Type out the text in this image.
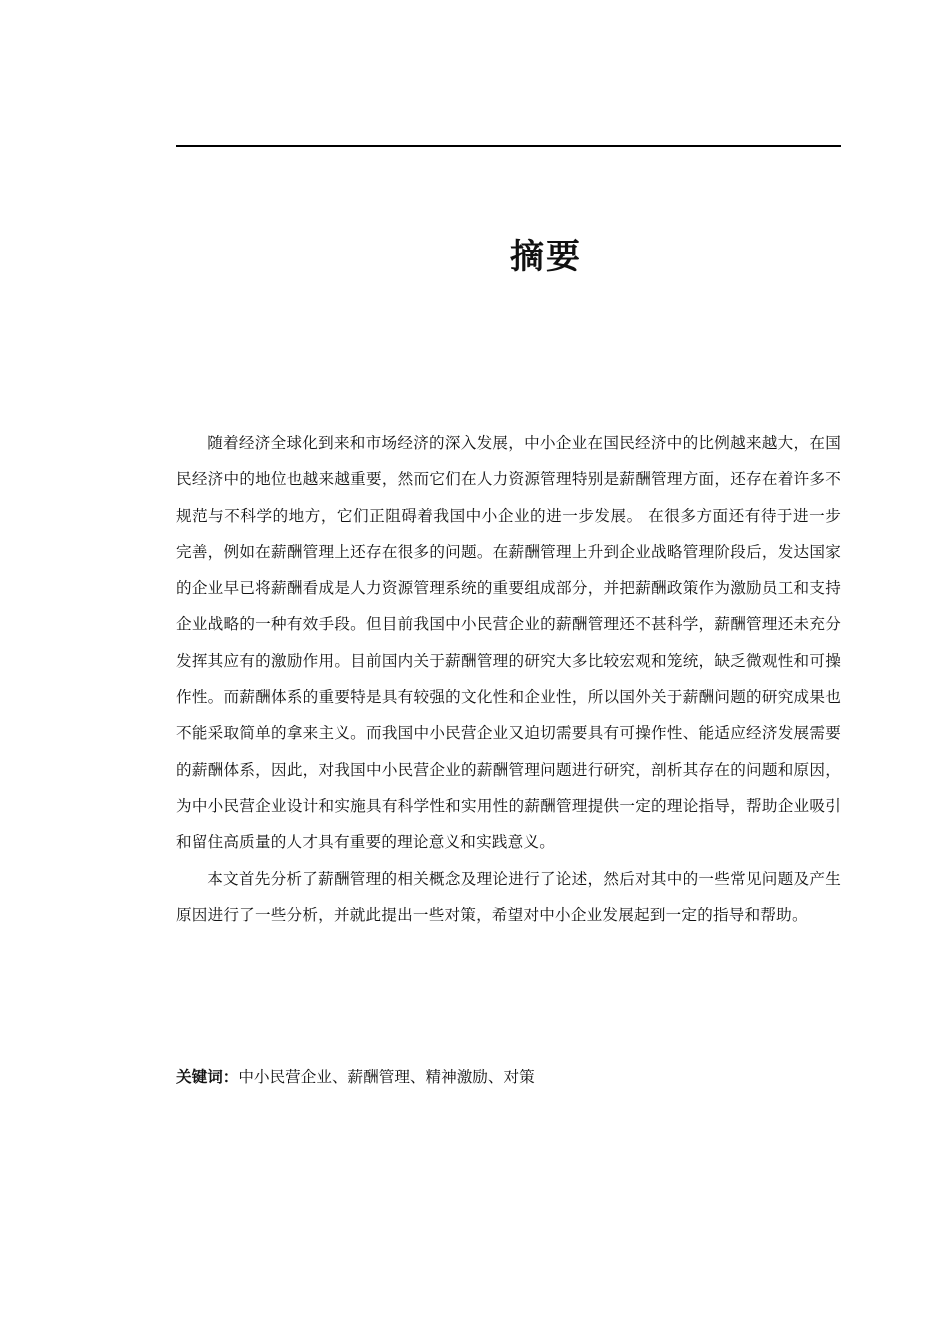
摘要

随着经济全球化到来和市场经济的深入发展，中小企业在国民经济中的比例越来越大，在国民经济中的地位也越来越重要，然而它们在人力资源管理特别是薪酬管理方面，还存在着许多不规范与不科学的地方，它们正阻碍着我国中小企业的进一步发展。 在很多方面还有待于进一步完善，例如在薪酬管理上还存在很多的问题。在薪酬管理上升到企业战略管理阶段后，发达国家的企业早已将薪酬看成是人力资源管理系统的重要组成部分，并把薪酬政策作为激励员工和支持企业战略的一种有效手段。但目前我国中小民营企业的薪酬管理还不甚科学，薪酬管理还未充分发挥其应有的激励作用。目前国内关于薪酬管理的研究大多比较宏观和笼统，缺乏微观性和可操作性。而薪酬体系的重要特是具有较强的文化性和企业性，所以国外关于薪酬问题的研究成果也不能采取简单的拿来主义。而我国中小民营企业又迫切需要具有可操作性、能适应经济发展需要的薪酬体系，因此，对我国中小民营企业的薪酬管理问题进行研究，剖析其存在的问题和原因，为中小民营企业设计和实施具有科学性和实用性的薪酬管理提供一定的理论指导，帮助企业吸引和留住高质量的人才具有重要的理论意义和实践意义。

本文首先分析了薪酬管理的相关概念及理论进行了论述，然后对其中的一些常见问题及产生原因进行了一些分析，并就此提出一些对策，希望对中小企业发展起到一定的指导和帮助。

关键词：中小民营企业、薪酬管理、精神激励、对策
